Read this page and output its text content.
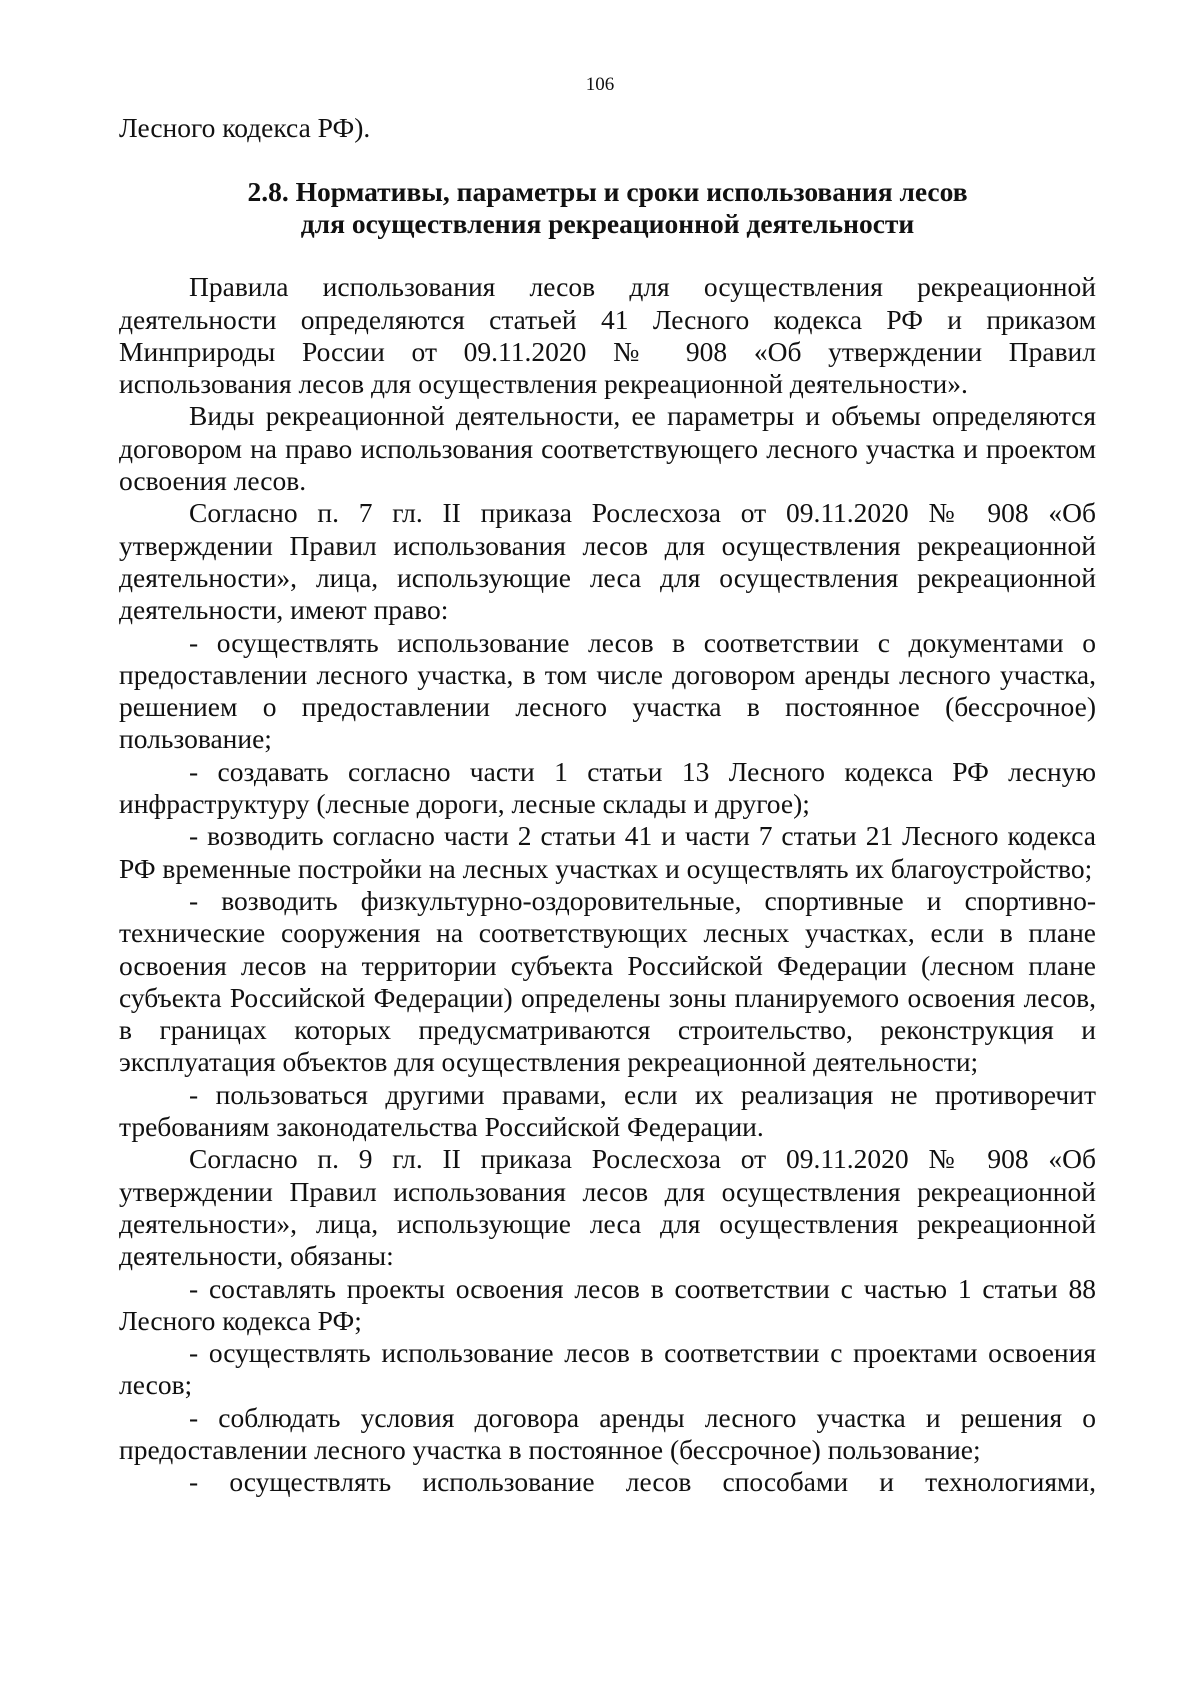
106

Лесного кодекса РФ).

2.8. Нормативы, параметры и сроки использования лесов
для осуществления рекреационной деятельности

Правила использования лесов для осуществления рекреационной деятельности определяются статьей 41 Лесного кодекса РФ и приказом Минприроды России от 09.11.2020 № 908 «Об утверждении Правил использования лесов для осуществления рекреационной деятельности».

Виды рекреационной деятельности, ее параметры и объемы определяются договором на право использования соответствующего лесного участка и проектом освоения лесов.

Согласно п. 7 гл. II приказа Рослесхоза от 09.11.2020 № 908 «Об утверждении Правил использования лесов для осуществления рекреационной деятельности», лица, использующие леса для осуществления рекреационной деятельности, имеют право:

- осуществлять использование лесов в соответствии с документами о предоставлении лесного участка, в том числе договором аренды лесного участка, решением о предоставлении лесного участка в постоянное (бессрочное)

пользование;

- создавать согласно части 1 статьи 13 Лесного кодекса РФ лесную инфраструктуру (лесные дороги, лесные склады и другое);

- возводить согласно части 2 статьи 41 и части 7 статьи 21 Лесного кодекса РФ временные постройки на лесных участках и осуществлять их благоустройство;

- возводить физкультурно-оздоровительные, спортивные и спортивно-технические сооружения на соответствующих лесных участках, если в плане освоения лесов на территории субъекта Российской Федерации (лесном плане субъекта Российской Федерации) определены зоны планируемого освоения лесов, в границах которых предусматриваются строительство, реконструкция и эксплуатация объектов для осуществления рекреационной деятельности;

- пользоваться другими правами, если их реализация не противоречит требованиям законодательства Российской Федерации.

Согласно п. 9 гл. II приказа Рослесхоза от 09.11.2020 № 908 «Об утверждении Правил использования лесов для осуществления рекреационной деятельности», лица, использующие леса для осуществления рекреационной деятельности, обязаны:

- составлять проекты освоения лесов в соответствии с частью 1 статьи 88 Лесного кодекса РФ;

- осуществлять использование лесов в соответствии с проектами освоения лесов;

- соблюдать условия договора аренды лесного участка и решения о предоставлении лесного участка в постоянное (бессрочное) пользование;

- осуществлять использование лесов способами и технологиями,
